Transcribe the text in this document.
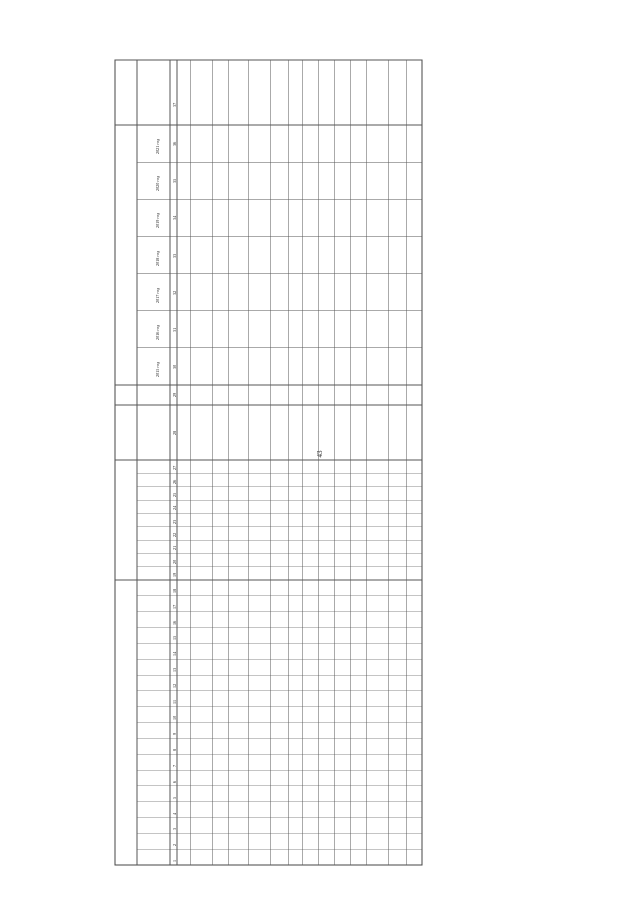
43
2015 год
2016 год
2017 год
2018 год
2019 год
2020 год
2021 год
1
2
3
4
5
6
7
8
9
10
11
12
13
14
15
16
17
18
19
20
21
22
23
24
25
26
27
28
29
30
31
32
33
34
35
36
37
